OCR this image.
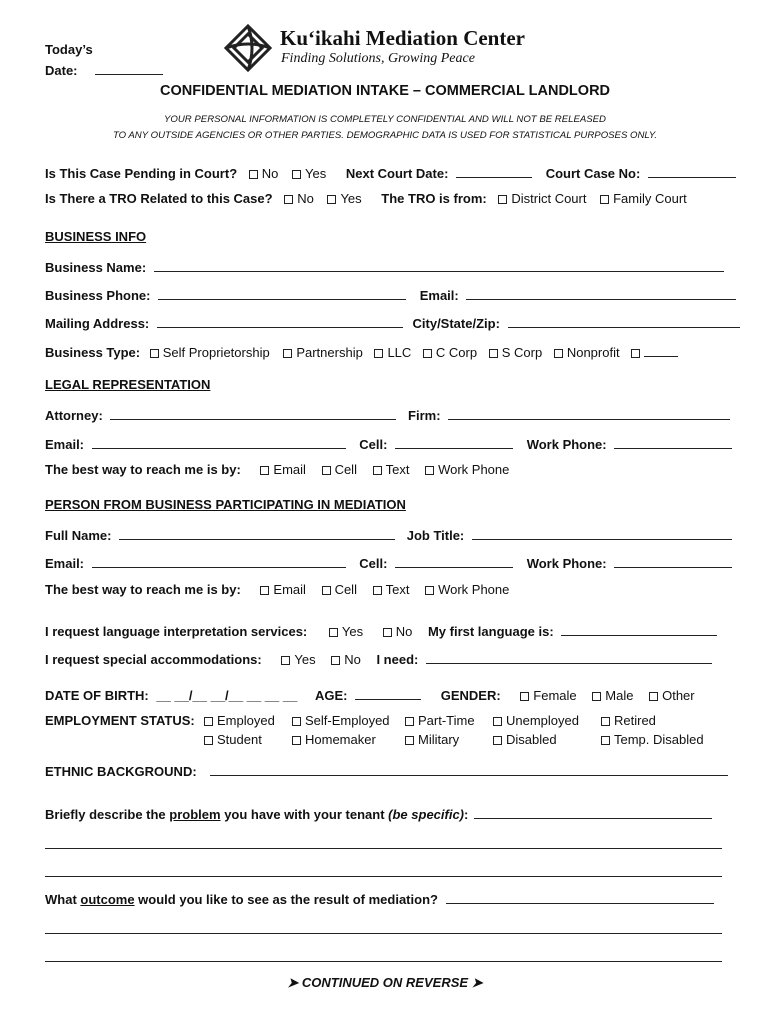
Today’s
Date:
Ku‘ikahi Mediation Center
Finding Solutions, Growing Peace
CONFIDENTIAL MEDIATION INTAKE – COMMERCIAL LANDLORD
YOUR PERSONAL INFORMATION IS COMPLETELY CONFIDENTIAL AND WILL NOT BE RELEASED
TO ANY OUTSIDE AGENCIES OR OTHER PARTIES. DEMOGRAPHIC DATA IS USED FOR STATISTICAL PURPOSES ONLY.
Is This Case Pending in Court? No Yes Next Court Date:	Court Case No:
Is There a TRO Related to this Case? No Yes The TRO is from: District Court Family Court
BUSINESS INFO
Business Name:
Business Phone:	Email:
Mailing Address:	City/State/Zip:
Business Type: Self Proprietorship Partnership LLC C Corp S Corp Nonprofit
LEGAL REPRESENTATION
Attorney:	Firm:
Email:	Cell:	Work Phone:
The best way to reach me is by:	Email Cell Text Work Phone
PERSON FROM BUSINESS PARTICIPATING IN MEDIATION
Full Name:	Job Title:
Email:	Cell:	Work Phone:
The best way to reach me is by:	Email Cell Text Work Phone
I request language interpretation services:	Yes	No My first language is:
I request special accommodations:	Yes No I need:
DATE OF BIRTH: __ __/__ __/__ __ __ __ AGE:	GENDER:	Female Male Other
EMPLOYMENT STATUS:	Employed Self-Employed Part-Time Unemployed	Retired
Student	Homemaker	Military	Disabled	Temp. Disabled
ETHNIC BACKGROUND:
Briefly describe the problem you have with your tenant (be specific):
What outcome would you like to see as the result of mediation?
➤ CONTINUED ON REVERSE ➤
